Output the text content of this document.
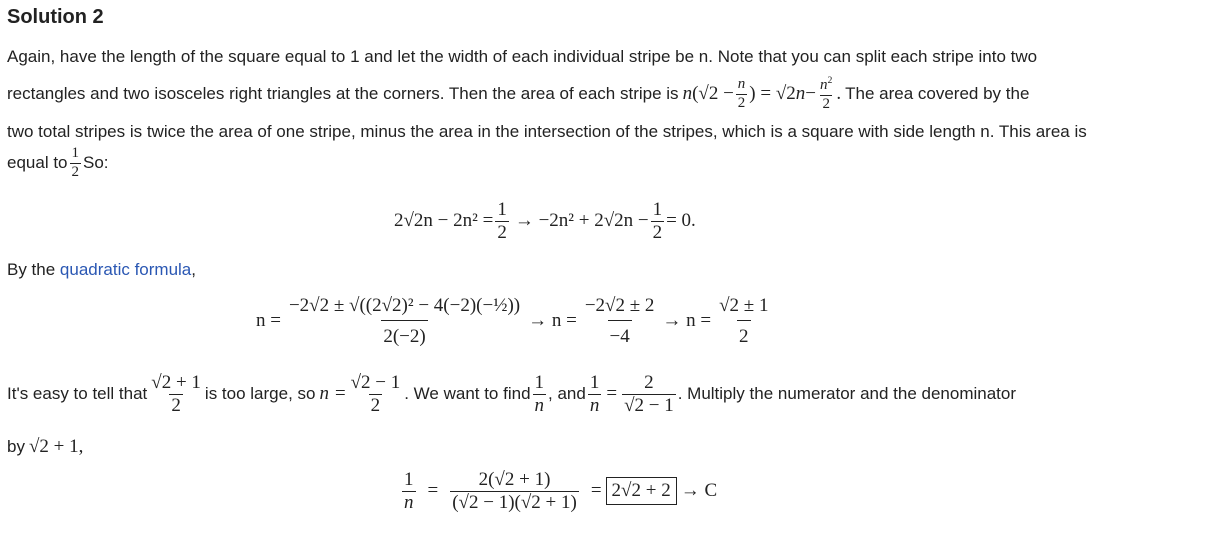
Solution 2
Again, have the length of the square equal to 1 and let the width of each individual stripe be n. Note that you can split each stripe into two
rectangles and two isosceles right triangles at the corners. Then the area of each stripe is n ($√2 - \frac{n}{2}$ ) = √2 $n - \frac{n^2}{2}$ . The area covered by the
two total stripes is twice the area of one stripe, minus the area in the intersection of the stripes, which is a square with side length n. This area is
equal to $\frac{1}{2} So$:
$2√2n - 2n^2 = \frac{1}{2} \to -2n^2 + 2√2n - \frac{1}{2} = 0$.
By the quadratic formula,
$n = \frac{\text{−2√2 ± √((2√2)² − 4(−2)(−½))}}{2(-2)} \to n = \frac{-2√2 \pm 2}{-4} \to n = \frac{√2 \pm 1}{2}$
It's easy to tell that $\frac{√2 + 1}{2}$ is too large, so $n = \frac{√2 - 1}{2}$ . We want to find $\frac{1}{n}$ , and $\frac{1}{n} = \frac{2}{√2 - 1}$ . Multiply the numerator and the denominator
by √2 + 1 ,
$\frac{1}{n} = \frac{2(√2 + 1)}{(√2 - 1)(√2 + 1)} = 2√2 + 2 \to C$
